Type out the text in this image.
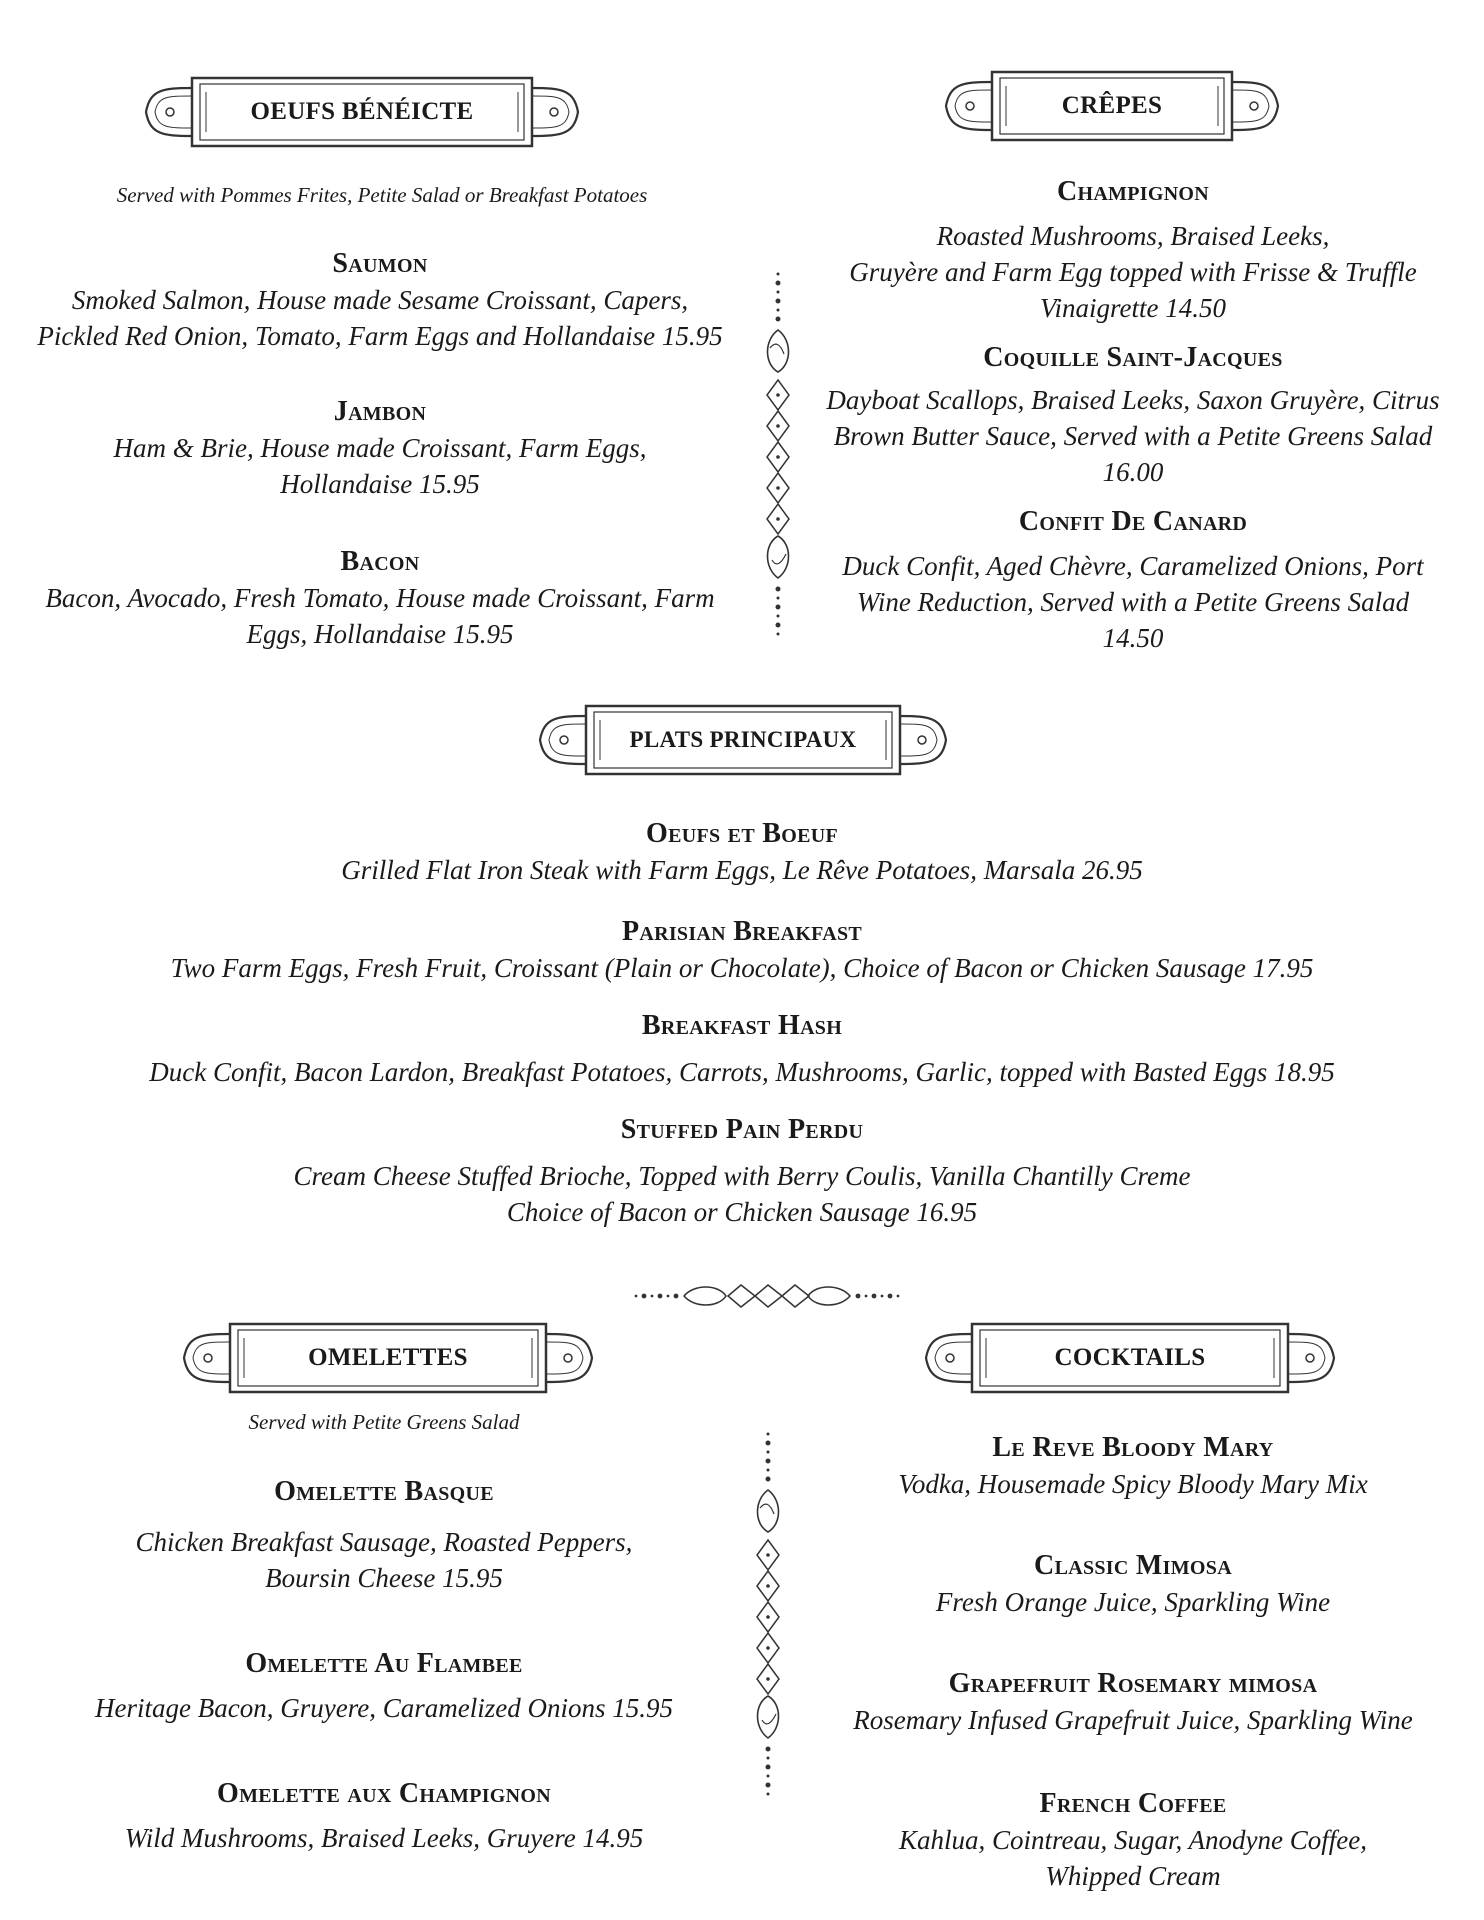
OEUFS BÉNÉICTE	CRÊPES
PLATS PRINCIPAUX
OMELETTES	COCKTAILS
Served with Pommes Frites, Petite Salad or Breakfast Potatoes
Saumon
Smoked Salmon, House made Sesame Croissant, Capers,
Pickled Red Onion, Tomato, Farm Eggs and Hollandaise 15.95
Jambon
Ham & Brie, House made Croissant, Farm Eggs,
Hollandaise 15.95
Bacon
Bacon, Avocado, Fresh Tomato, House made Croissant, Farm
Eggs, Hollandaise 15.95
Champignon
Roasted Mushrooms, Braised Leeks,
Gruyère and Farm Egg topped with Frisse & Truffle
Vinaigrette 14.50
Coquille Saint-Jacques
Dayboat Scallops, Braised Leeks, Saxon Gruyère, Citrus
Brown Butter Sauce, Served with a Petite Greens Salad
16.00
Confit De Canard
Duck Confit, Aged Chèvre, Caramelized Onions, Port
Wine Reduction, Served with a Petite Greens Salad
14.50
Oeufs et Boeuf
Grilled Flat Iron Steak with Farm Eggs, Le Rêve Potatoes, Marsala 26.95
Parisian Breakfast
Two Farm Eggs, Fresh Fruit, Croissant (Plain or Chocolate), Choice of Bacon or Chicken Sausage 17.95
Breakfast Hash
Duck Confit, Bacon Lardon, Breakfast Potatoes, Carrots, Mushrooms, Garlic, topped with Basted Eggs 18.95
Stuffed Pain Perdu
Cream Cheese Stuffed Brioche, Topped with Berry Coulis, Vanilla Chantilly Creme
Choice of Bacon or Chicken Sausage 16.95
Served with Petite Greens Salad
Omelette Basque
Chicken Breakfast Sausage, Roasted Peppers,
Boursin Cheese 15.95
Omelette Au Flambee
Heritage Bacon, Gruyere, Caramelized Onions 15.95
Omelette aux Champignon
Wild Mushrooms, Braised Leeks, Gruyere 14.95
Le Reve Bloody Mary
Vodka, Housemade Spicy Bloody Mary Mix
Classic Mimosa
Fresh Orange Juice, Sparkling Wine
Grapefruit Rosemary mimosa
Rosemary Infused Grapefruit Juice, Sparkling Wine
French Coffee
Kahlua, Cointreau, Sugar, Anodyne Coffee,
Whipped Cream
